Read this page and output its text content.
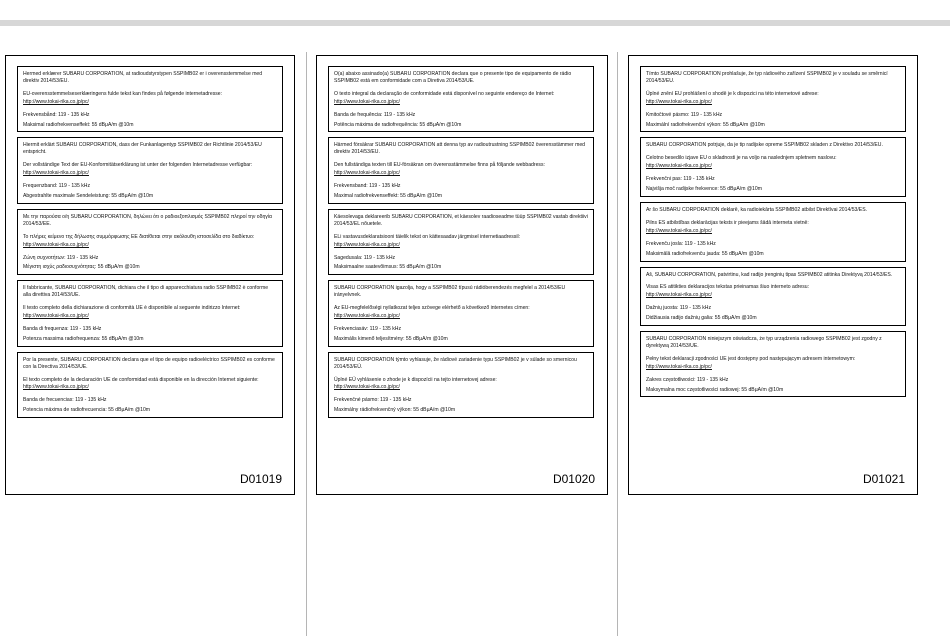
Hermed erklærer SUBARU CORPORATION, at radioudstyrstypen SSPIMB02 er i overensstemmelse med direktiv 2014/53/EU.

EU-overensstemmelseserklæringens fulde tekst kan findes på følgende internetadresse:

http://www.tokai-rika.co.jp/pc/

Frekvensbånd: 119 - 135 kHz

Maksimal radiofrekvenseffekt: 55 dBμA/m @10m

Hiermit erklärt SUBARU CORPORATION, dass der Funkanlagentyp SSPIMB02 der Richtlinie 2014/53/EU entspricht.

Der vollständige Text der EU-Konformitätserklärung ist unter der folgenden Internetadresse verfügbar:

http://www.tokai-rika.co.jp/pc/

Frequenzband: 119 - 135 kHz

Abgestrahlte maximale Sendeleistung: 55 dBμA/m @10m

Με την παρούσα ο/η SUBARU CORPORATION, δηλώνει ότι ο ραδιοεξοπλισμός SSPIMB02 πληροί την οδηγία 2014/53/ΕΕ.

Το πλήρες κείμενο της δήλωσης συμμόρφωσης ΕΕ διατίθεται στην ακόλουθη ιστοσελίδα στο διαδίκτυο:

http://www.tokai-rika.co.jp/pc/

Ζώνη συχνοτήτων: 119 - 135 kHz

Μέγιστη ισχύς ραδιοσυχνότητας: 55 dBμA/m @10m

Il fabbricante, SUBARU CORPORATION, dichiara che il tipo di apparecchiatura radio SSPIMB02 è conforme alla direttiva 2014/53/UE.

Il testo completo della dichiarazione di conformità UE è disponibile al seguente indirizzo Internet:

http://www.tokai-rika.co.jp/pc/

Banda di frequenza: 119 - 135 kHz

Potenza massima radiofrequenza: 55 dBμA/m @10m

Por la presente, SUBARU CORPORATION declara que el tipo de equipo radioeléctrico SSPIMB02 es conforme con la Directiva 2014/53/UE.

El texto completo de la declaración UE de conformidad está disponible en la dirección Internet siguiente:

http://www.tokai-rika.co.jp/pc/

Banda de frecuencias: 119 - 135 kHz

Potencia máxima de radiofrecuencia: 55 dBμA/m @10m

D01019

O(a) abaixo assinado(a) SUBARU CORPORATION declara que o presente tipo de equipamento de rádio SSPIMB02 está em conformidade com a Diretiva 2014/53/UE.

O texto integral da declaração de conformidade está disponível no seguinte endereço de Internet:

http://www.tokai-rika.co.jp/pc/

Banda de frequência: 119 - 135 kHz

Potência máxima de radiofrequência: 55 dBμA/m @10m

Härmed försäkrar SUBARU CORPORATION att denna typ av radioutrustning SSPIMB02 överensstämmer med direktiv 2014/53/EU.

Den fullständiga texten till EU-försäkran om överensstämmelse finns på följande webbadress:

http://www.tokai-rika.co.jp/pc/

Frekvensband: 119 - 135 kHz

Maximal radiofrekvenseffekt: 55 dBμA/m @10m

Käesolevaga deklareerib SUBARU CORPORATION, et käesolev raadioseadme tüüp SSPIMB02 vastab direktiivi 2014/53/EL nõuetele.

ELi vastavusdeklaratsiooni täielik tekst on kättesaadav järgmisel internetiaadressil:

http://www.tokai-rika.co.jp/pc/

Sagedusala: 119 - 135 kHz

Maksimaalne saatevõimsus: 55 dBμA/m @10m

SUBARU CORPORATION igazolja, hogy a SSPIMB02 típusú rádióberendezés megfelel a 2014/53/EU irányelvnek.

Az EU-megfelelőségi nyilatkozat teljes szövege elérhető a következő internetes címen:

http://www.tokai-rika.co.jp/pc/

Frekvenciasáv: 119 - 135 kHz

Maximális kimenő teljesítmény: 55 dBμA/m @10m

SUBARU CORPORATION týmto vyhlasuje, že rádiové zariadenie typu SSPIMB02 je v súlade so smernicou 2014/53/EÚ.

Úplné EÚ vyhlásenie o zhode je k dispozícii na tejto internetovej adrese:

http://www.tokai-rika.co.jp/pc/

Frekvenčné pásmo: 119 - 135 kHz

Maximálny rádiofrekvenčný výkon: 55 dBμA/m @10m

D01020

Tímto SUBARU CORPORATION prohlašuje, že typ rádiového zařízení SSPIMB02 je v souladu se směrnicí 2014/53/EU.

Úplné znění EU prohlášení o shodě je k dispozici na této internetové adrese:

http://www.tokai-rika.co.jp/pc/

Kmitočtové pásmo: 119 - 135 kHz

Maximální radiofrekvenční výkon: 55 dBμA/m @10m

SUBARU CORPORATION potrjuje, da je tip radijske opreme SSPIMB02 skladen z Direktivo 2014/53/EU.

Celotno besedilo izjave EU o skladnosti je na voljo na naslednjem spletnem naslovu:

http://www.tokai-rika.co.jp/pc/

Frekvenčni pas: 119 - 135 kHz

Najvišja moč radijske frekvence: 55 dBμA/m @10m

Ar šo SUBARU CORPORATION deklarē, ka radioiekārta SSPIMB02 atbilst Direktīvai 2014/53/ES.

Pilns ES atbilstības deklarācijas teksts ir pieejams šādā interneta vietnē:

http://www.tokai-rika.co.jp/pc/

Frekvenču josla: 119 - 135 kHz

Maksimālā radiofrekvenču jauda: 55 dBμA/m @10m

Aš, SUBARU CORPORATION, patvirtinu, kad radijo įrenginių tipas SSPIMB02 atitinka Direktyvą 2014/53/ES.

Visas ES atitikties deklaracijos tekstas prieinamas šiuo interneto adresu:

http://www.tokai-rika.co.jp/pc/

Dažnių juosta: 119 - 135 kHz

Didžiausia radijo dažnių galia: 55 dBμA/m @10m

SUBARU CORPORATION niniejszym oświadcza, że typ urządzenia radiowego SSPIMB02 jest zgodny z dyrektywą 2014/53/UE.

Pełny tekst deklaracji zgodności UE jest dostępny pod następującym adresem internetowym:

http://www.tokai-rika.co.jp/pc/

Zakres częstotliwości: 119 - 135 kHz

Maksymalna moc częstotliwości radiowej: 55 dBμA/m @10m

D01021
